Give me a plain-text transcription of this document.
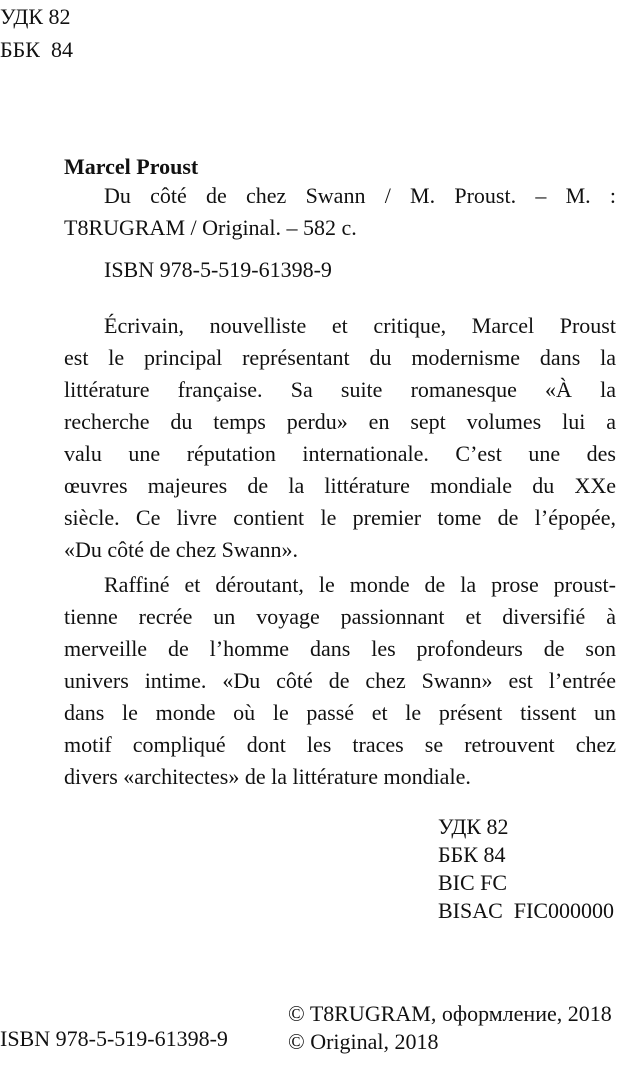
УДК 82
ББК  84
Marcel Proust
Du côté de chez Swann / M. Proust. – M. :
T8RUGRAM / Original. – 582 с.
ISBN 978-5-519-61398-9
Écrivain, nouvelliste et critique, Marcel Proust
est le principal représentant du modernisme dans la
littérature française. Sa suite romanesque «À la
recherche du temps perdu» en sept volumes lui a
valu une réputation internationale. C’est une des
œuvres majeures de la littérature mondiale du XXe
siècle. Ce livre contient le premier tome de l’épopée,
«Du côté de chez Swann».
Raffiné et déroutant, le monde de la prose proust-
tienne recrée un voyage passionnant et diversifié à
merveille de l’homme dans les profondeurs de son
univers intime. «Du côté de chez Swann» est l’entrée
dans le monde où le passé et le présent tissent un
motif compliqué dont les traces se retrouvent chez
divers «architectes» de la littérature mondiale.
УДК 82
ББК 84
BIC FC
BISAC  FIC000000
© T8RUGRAM, оформление, 2018
© Original, 2018
ISBN 978-5-519-61398-9
